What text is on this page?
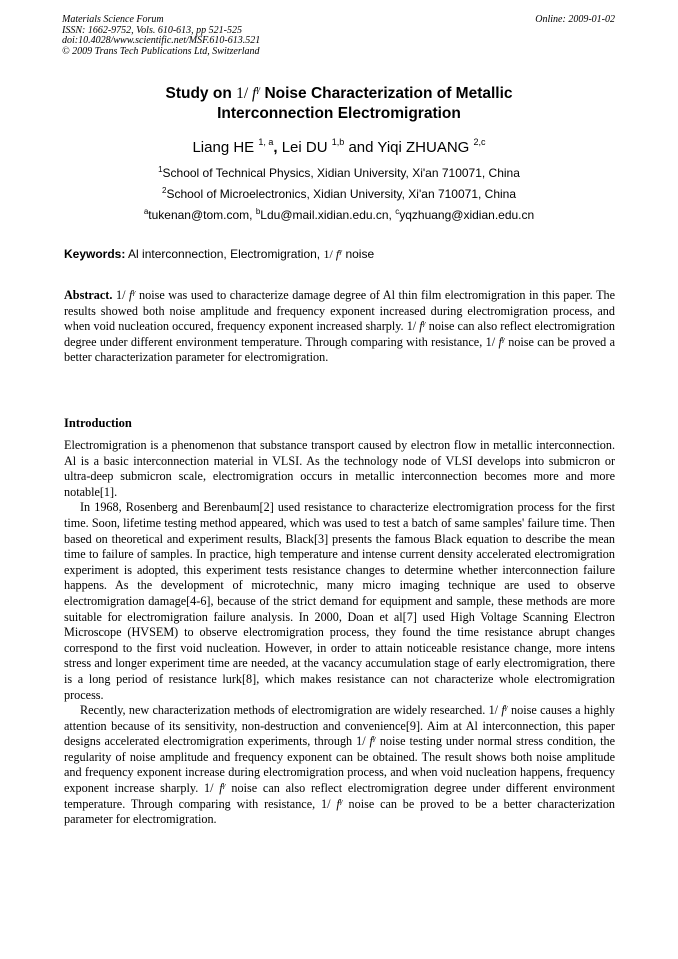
Materials Science Forum
ISSN: 1662-9752, Vols. 610-613, pp 521-525
doi:10.4028/www.scientific.net/MSF.610-613.521
© 2009 Trans Tech Publications Ltd, Switzerland
Online: 2009-01-02
Study on 1/ $f^\gamma$ Noise Characterization of Metallic
Interconnection Electromigration
Liang HE $^{1, a}$, Lei DU $^{1,b}$ and Yiqi ZHUANG $^{2,c}$
$^1$School of Technical Physics, Xidian University, Xi'an 710071, China
$^2$School of Microelectronics, Xidian University, Xi'an 710071, China
$^a$tukenan@tom.com, $^b$Ldu@mail.xidian.edu.cn, $^c$yqzhuang@xidian.edu.cn
Keywords: Al interconnection, Electromigration, 1/ $f^\gamma$ noise

Abstract. 1/ $f^\gamma$ noise was used to characterize damage degree of Al thin film electromigration in this paper. The results showed both noise amplitude and frequency exponent increased during electromigration process, and when void nucleation occured, frequency exponent increased sharply. 1/ $f^\gamma$ noise can also reflect electromigration degree under different environment temperature. Through comparing with resistance, 1/ $f^\gamma$ noise can be proved a better characterization parameter for electromigration.

Introduction

Electromigration is a phenomenon that substance transport caused by electron flow in metallic interconnection. Al is a basic interconnection material in VLSI. As the technology node of VLSI develops into submicron or ultra-deep submicron scale, electromigration occurs in metallic interconnection becomes more and more notable[1].

In 1968, Rosenberg and Berenbaum[2] used resistance to characterize electromigration process for the first time. Soon, lifetime testing method appeared, which was used to test a batch of same samples' failure time. Then based on theoretical and experiment results, Black[3] presents the famous Black equation to describe the mean time to failure of samples. In practice, high temperature and intense current density accelerated electromigration experiment is adopted, this experiment tests resistance changes to determine whether interconnection failure happens. As the development of microtechnic, many micro imaging technique are used to observe electromigration damage[4-6], because of the strict demand for equipment and sample, these methods are more suitable for electromigration failure analysis. In 2000, Doan et al[7] used High Voltage Scanning Electron Microscope (HVSEM) to observe electromigration process, they found the time resistance abrupt changes correspond to the first void nucleation. However, in order to attain noticeable resistance change, more intens stress and longer experiment time are needed, at the vacancy accumulation stage of early electromigration, there is a long period of resistance lurk[8], which makes resistance can not characterize whole electromigration process.

Recently, new characterization methods of electromigration are widely researched. 1/ $f^\gamma$ noise causes a highly attention because of its sensitivity, non-destruction and convenience[9]. Aim at Al interconnection, this paper designs accelerated electromigration experiments, through 1/ $f^\gamma$ noise testing under normal stress condition, the regularity of noise amplitude and frequency exponent can be obtained. The result shows both noise amplitude and frequency exponent increase during electromigration process, and when void nucleation happens, frequency exponent increase sharply. 1/ $f^\gamma$ noise can also reflect electromigration degree under different environment temperature. Through comparing with resistance, 1/ $f^\gamma$ noise can be proved to be a better characterization parameter for electromigration.
